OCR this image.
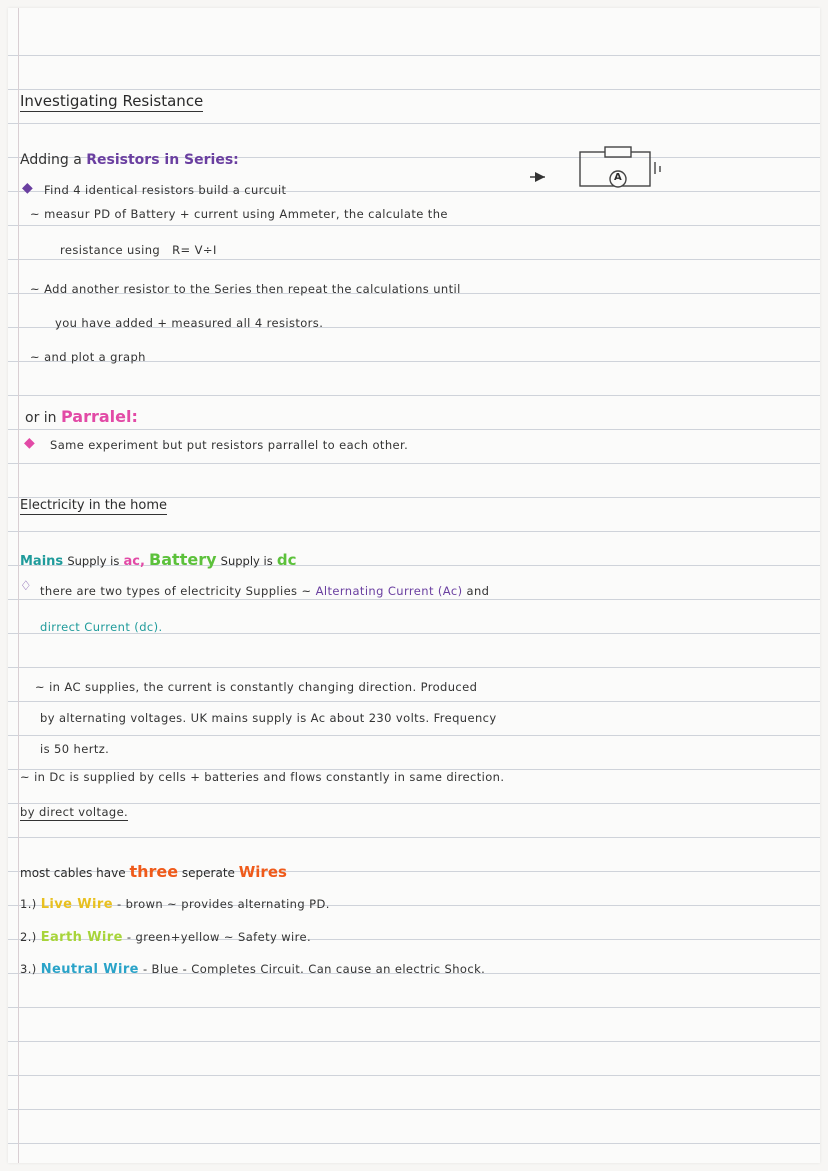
Investigating Resistance
Adding a Resistors in Series:
A
◆ Find 4 identical resistors build a curcuit
~ measur PD of Battery + current using Ammeter, the calculate the
resistance using R= V÷I
~ Add another resistor to the Series then repeat the calculations until
you have added + measured all 4 resistors.
~ and plot a graph
or in Parralel:
◆ Same experiment but put resistors parrallel to each other.
Electricity in the home
Mains Supply is ac, Battery Supply is dc
♢ there are two types of electricity Supplies ~ Alternating Current (Ac) and
dirrect Current (dc).
~ in AC supplies, the current is constantly changing direction. Produced
by alternating voltages. UK mains supply is Ac about 230 volts. Frequency
is 50 hertz.
~ in Dc is supplied by cells + batteries and flows constantly in same direction.
by direct voltage.
most cables have three seperate Wires
1.) Live Wire - brown ~ provides alternating PD.
2.) Earth Wire - green+yellow ~ Safety wire.
3.) Neutral Wire - Blue - Completes Circuit. Can cause an electric Shock.
